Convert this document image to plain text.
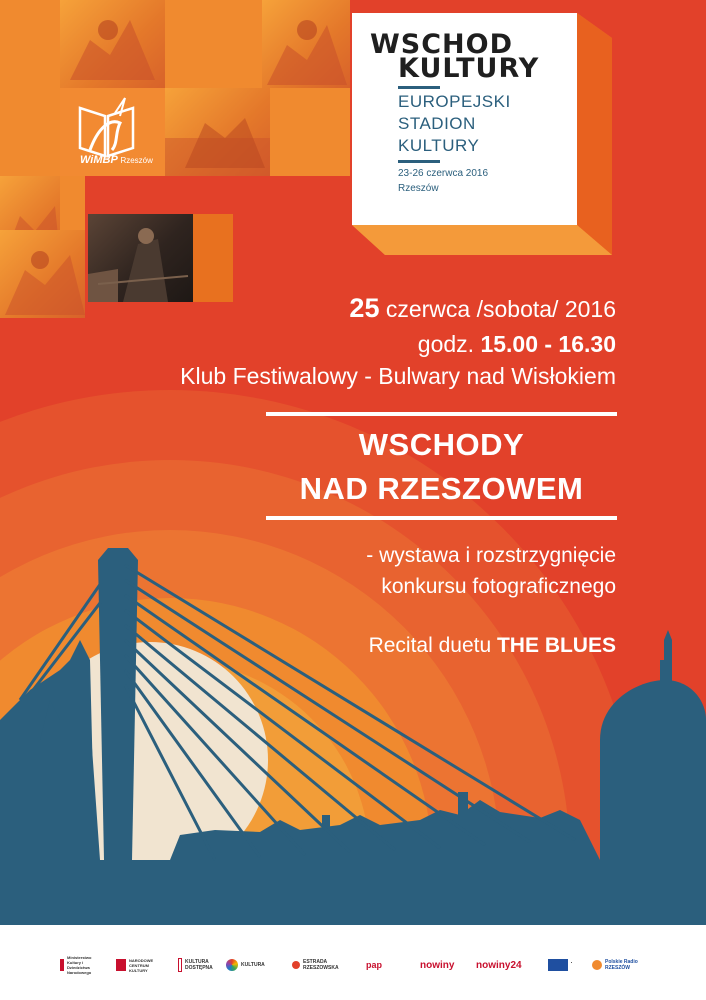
WiMBP Rzeszów
WSCHOD
KULTURY
EUROPEJSKI
STADION
KULTURY
23-26 czerwca 2016
Rzeszów
25 czerwca /sobota/ 2016
godz. 15.00 - 16.30
Klub Festiwalowy - Bulwary nad Wisłokiem
WSCHODY
NAD RZESZOWEM
- wystawa i rozstrzygnięcie
konkursu fotograficznego
Recital duetu THE BLUES
Ministerstwo Kultury i Dziedzictwa Narodowego
NARODOWE CENTRUM KULTURY
KULTURA DOSTĘPNA
KULTURA	ESTRADA RZESZOWSKA	pap	nowiny nowiny24	Polskie Radio RZESZÓW
